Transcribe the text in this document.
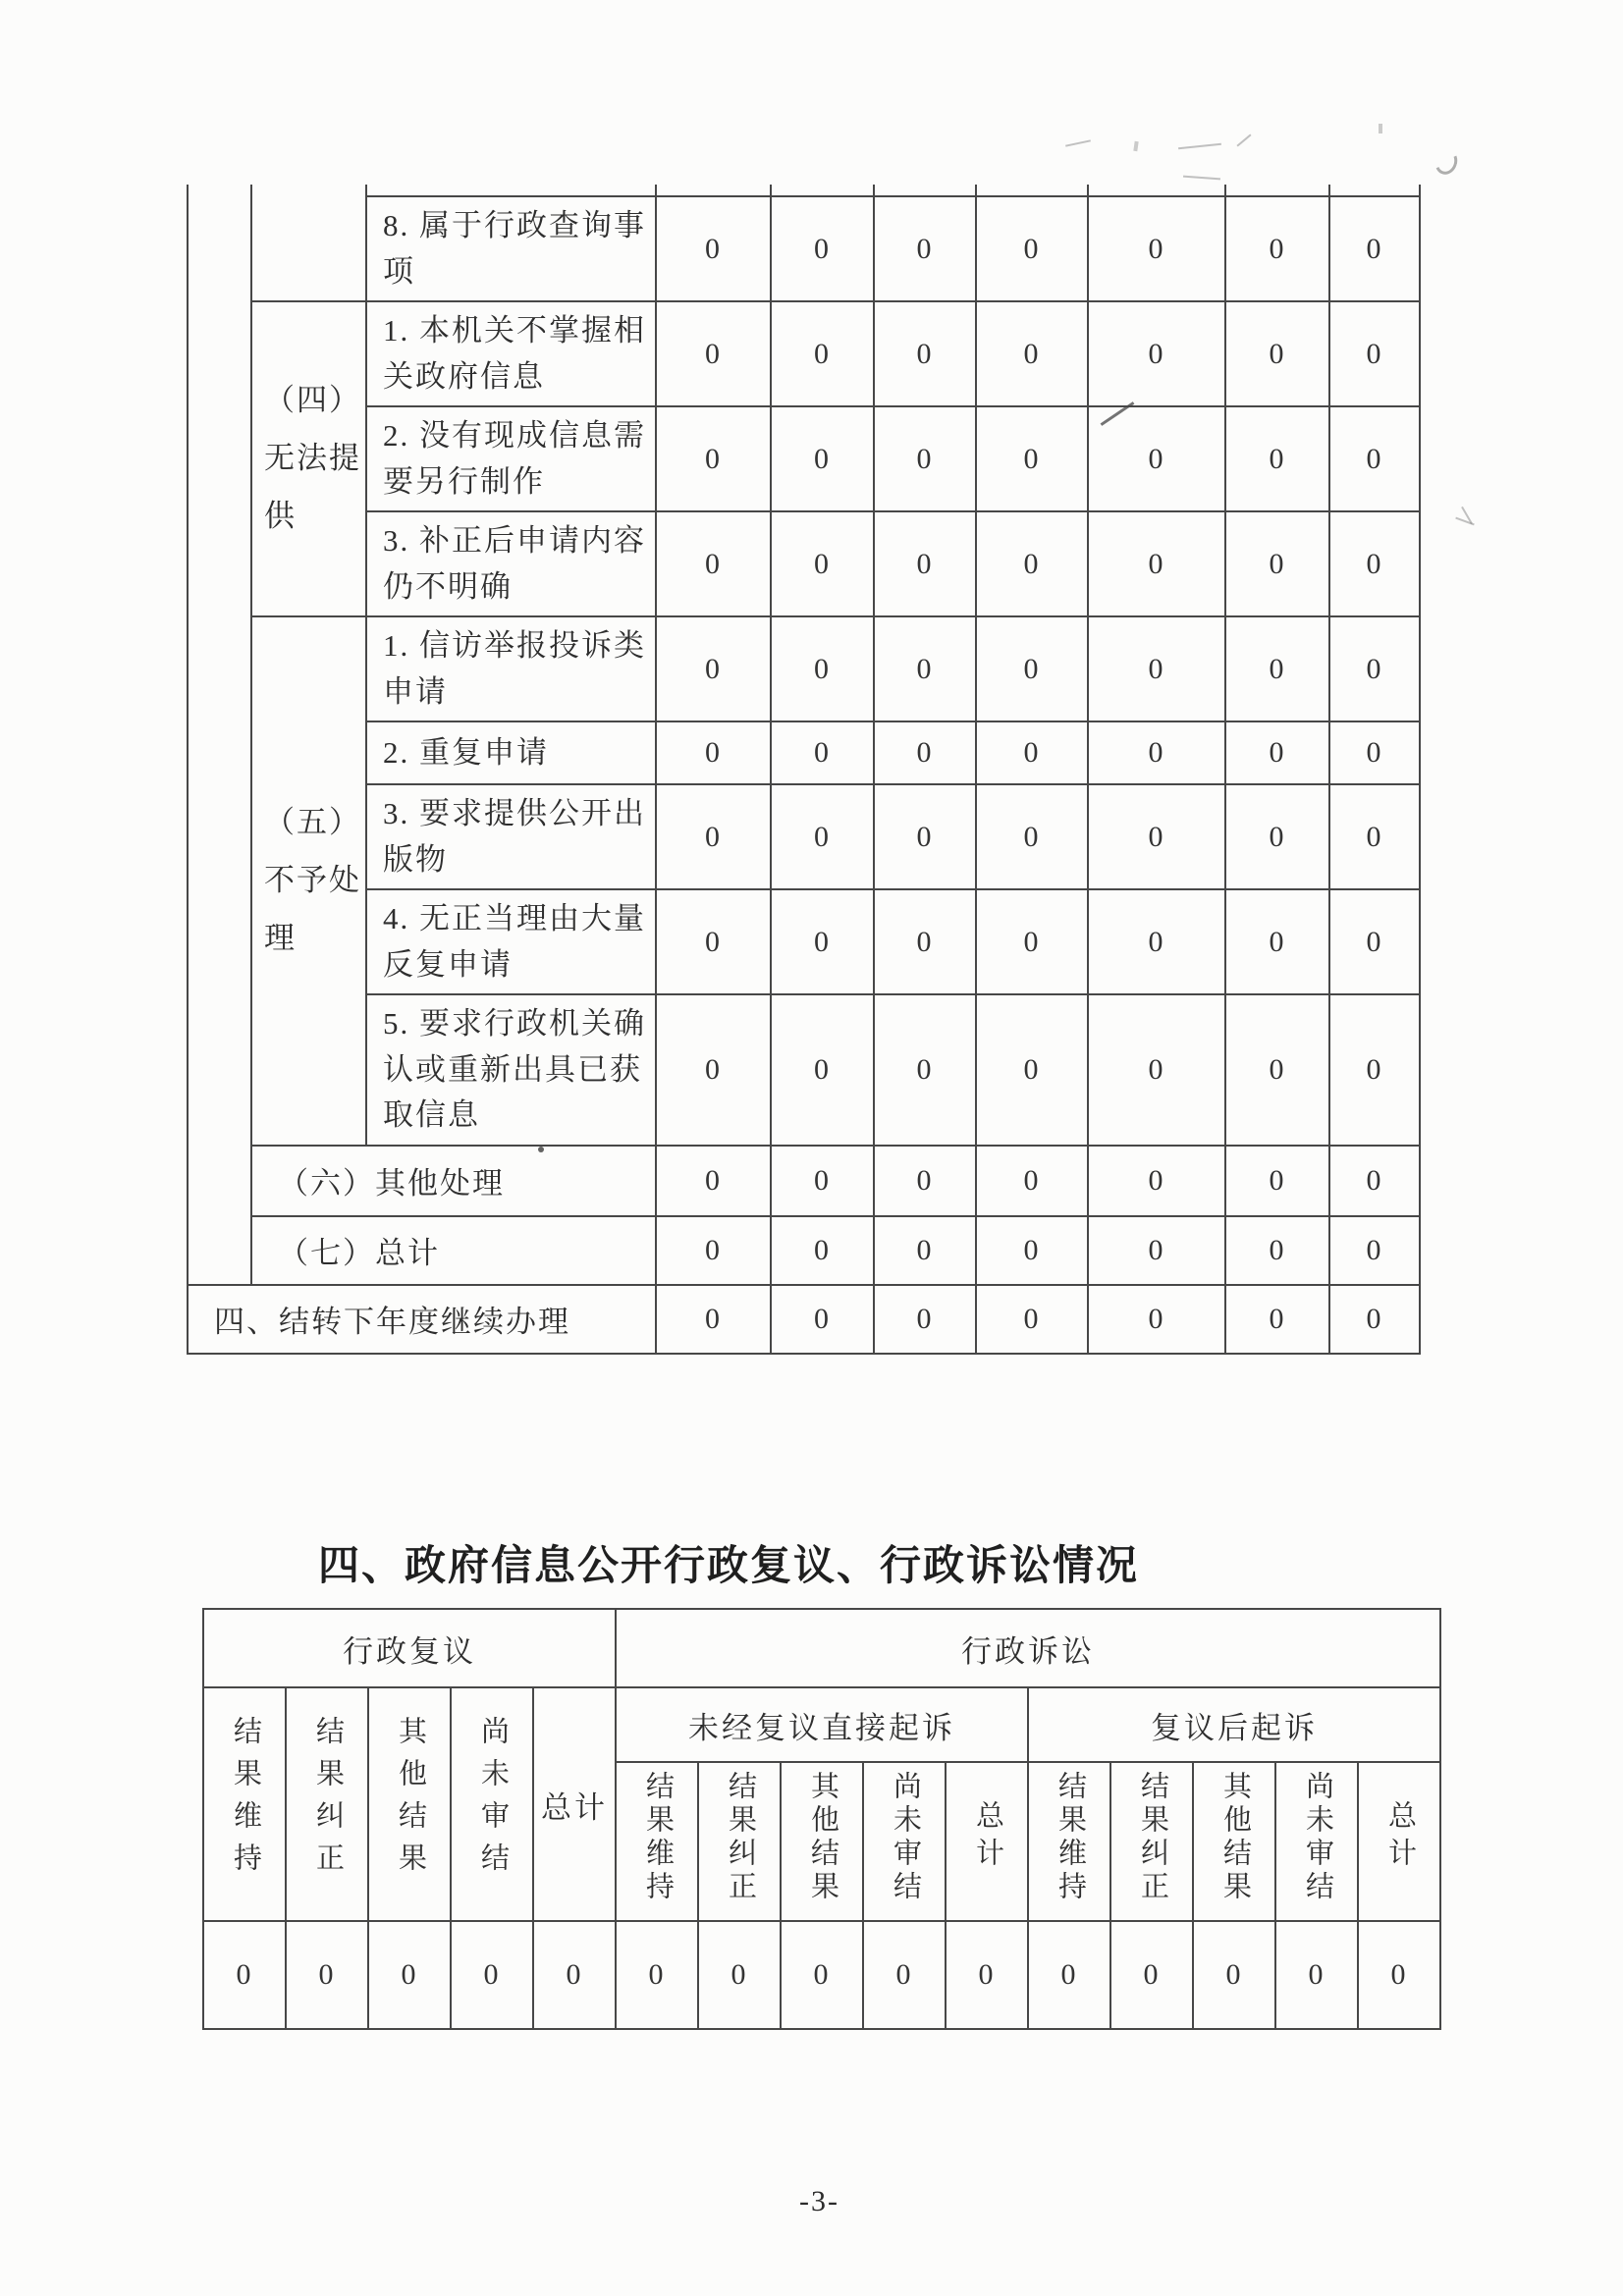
		8. 属于行政查询事项	0	0	0	0	0	0	0
	（四）无法提供	1. 本机关不掌握相关政府信息	0	0	0	0	0	0	0
		2. 没有现成信息需要另行制作	0	0	0	0	0	0	0
		3. 补正后申请内容仍不明确	0	0	0	0	0	0	0
	（五）不予处理	1. 信访举报投诉类申请	0	0	0	0	0	0	0
		2. 重复申请	0	0	0	0	0	0	0
		3. 要求提供公开出版物	0	0	0	0	0	0	0
		4. 无正当理由大量反复申请	0	0	0	0	0	0	0
		5. 要求行政机关确认或重新出具已获取信息	0	0	0	0	0	0	0
	（六）其他处理		0	0	0	0	0	0	0
	（七）总计		0	0	0	0	0	0	0
四、结转下年度继续办理			0	0	0	0	0	0	0
四、政府信息公开行政复议、行政诉讼情况
行政复议					行政诉讼									
结果维持	结果纠正	其他结果	尚未审结	总计	未经复议直接起诉					复议后起诉				
					结果维持	结果纠正	其他结果	尚未审结	总计	结果维持	结果纠正	其他结果	尚未审结	总计
0	0	0	0	0	0	0	0	0	0	0	0	0	0	0
-3-
